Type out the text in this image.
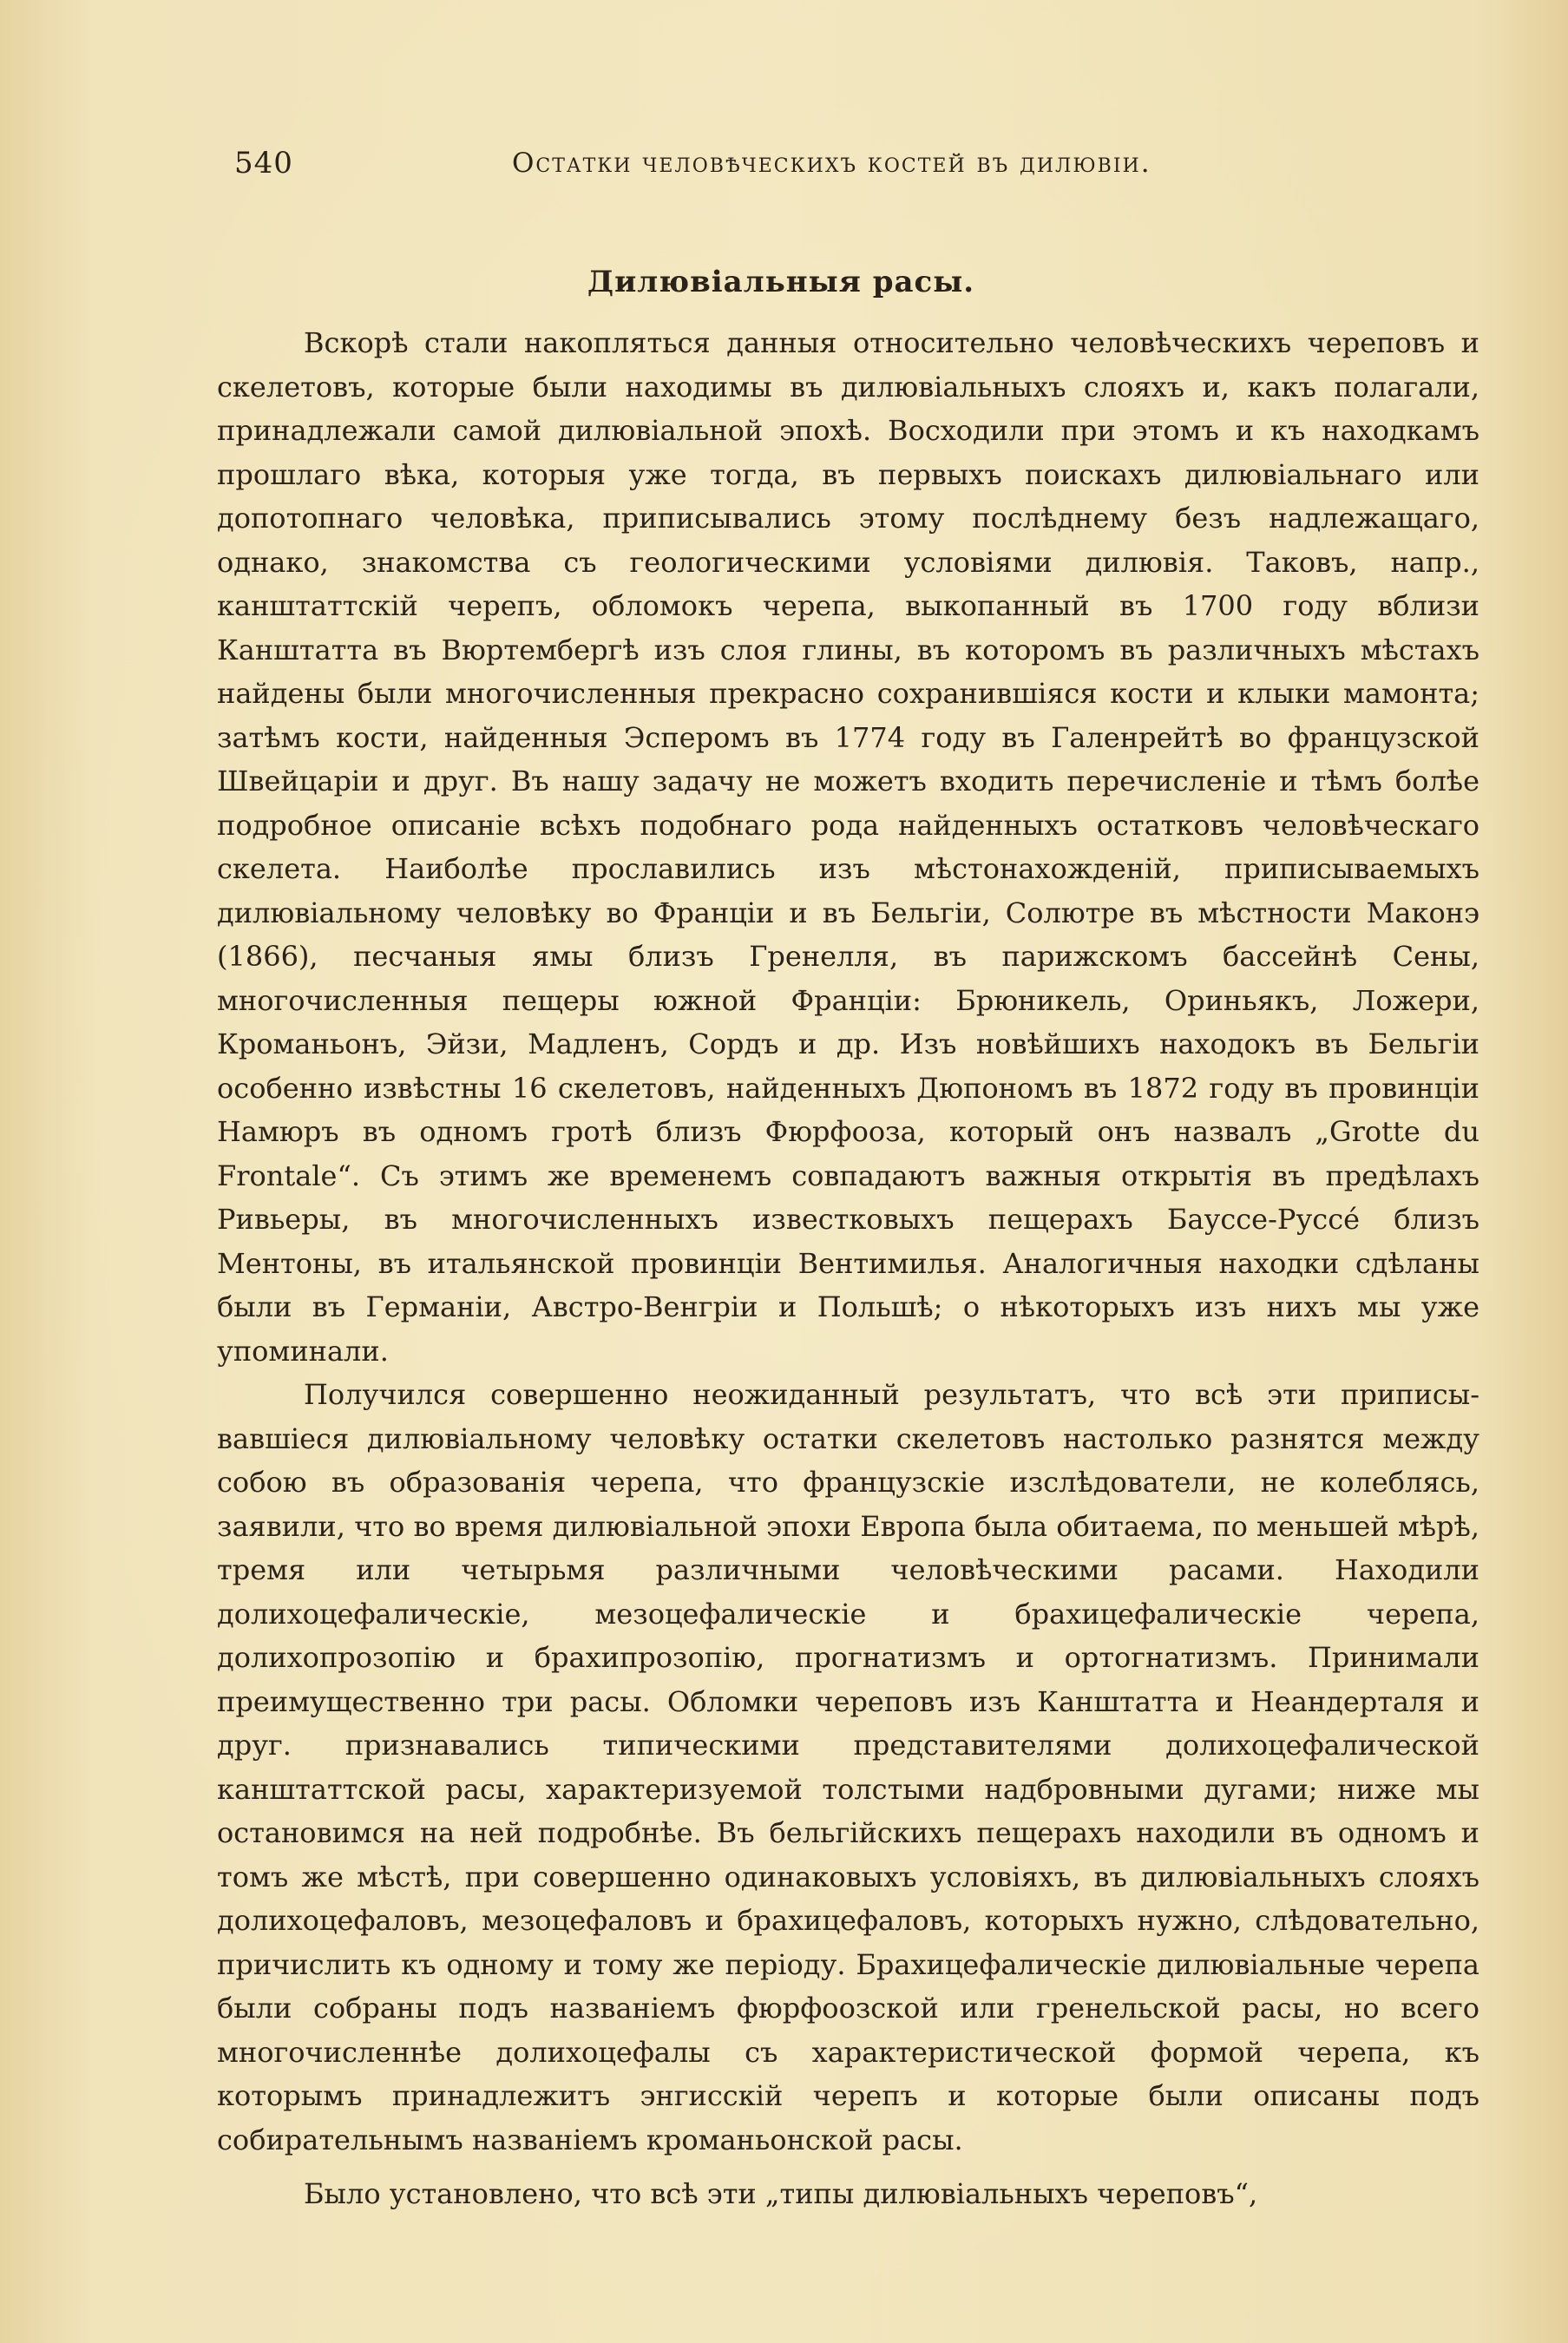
540	Остатки человѣческихъ костей въ дилювіи.
Дилювіальныя расы.

Вскорѣ стали накопляться данныя относительно человѣческихъ череповъ и скелетовъ, которые были находимы въ дилювіальныхъ слояхъ и, какъ полагали, принадлежали самой дилювіальной эпохѣ. Восходили при этомъ и къ находкамъ прошлаго вѣка, которыя уже тогда, въ первыхъ поискахъ дилювіальнаго или допотопнаго человѣка, приписывались этому послѣднему безъ надлежащаго, однако, знакомства съ геологическими условіями дилювія. Таковъ, напр., канштаттскій черепъ, обломокъ черепа, выкопанный въ 1700 году вблизи Канштатта въ Вюртембергѣ изъ слоя глины, въ которомъ въ различныхъ мѣстахъ найдены были многочисленныя прекрасно сохранившіяся кости и клыки мамонта; затѣмъ кости, найденныя Эсперомъ въ 1774 году въ Галенрейтѣ во французской Швейцаріи и друг. Въ нашу задачу не можетъ входить перечисленіе и тѣмъ болѣе подробное описаніе всѣхъ подобнаго рода найденныхъ остатковъ человѣческаго скелета. Наиболѣе прославились изъ мѣстонахожденій, приписываемыхъ дилювіальному человѣку во Франціи и въ Бельгіи, Солютре въ мѣстности Маконэ (1866), песчаныя ямы близъ Гренелля, въ парижскомъ бассейнѣ Сены, многочисленныя пещеры южной Франціи: Брюникель, Ориньякъ, Ложери, Кроманьонъ, Эйзи, Мадленъ, Сордъ и др. Изъ новѣйшихъ находокъ въ Бельгіи особенно извѣстны 16 скелетовъ, найденныхъ Дюпономъ въ 1872 году въ провинціи Намюръ въ одномъ гротѣ близъ Фюрфооза, который онъ назвалъ „Grotte du Frontale“. Съ этимъ же временемъ совпадаютъ важныя открытія въ предѣлахъ Ривьеры, въ многочисленныхъ известковыхъ пещерахъ Бауссе-Руссé близъ Ментоны, въ итальянской провинціи Вентимилья. Аналогичныя находки сдѣланы были въ Германіи, Австро-Венгріи и Польшѣ; о нѣкоторыхъ изъ нихъ мы уже упоминали.

Получился совершенно неожиданный результатъ, что всѣ эти приписывавшіеся дилювіальному человѣку остатки скелетовъ настолько разнятся между собою въ образованія черепа, что французскіе изслѣдователи, не колеблясь, заявили, что во время дилювіальной эпохи Европа была обитаема, по меньшей мѣрѣ, тремя или четырьмя различными человѣческими расами. Находили долихоцефалическіе, мезоцефалическіе и брахицефалическіе черепа, долихопрозопію и брахипрозопію, прогнатизмъ и ортогнатизмъ. Принимали преимущественно три расы. Обломки череповъ изъ Канштатта и Неандерталя и друг. признавались типическими представителями долихоцефалической канштаттской расы, характеризуемой толстыми надбровными дугами; ниже мы остановимся на ней подробнѣе. Въ бельгійскихъ пещерахъ находили въ одномъ и томъ же мѣстѣ, при совершенно одинаковыхъ условіяхъ, въ дилювіальныхъ слояхъ долихоцефаловъ, мезоцефаловъ и брахицефаловъ, которыхъ нужно, слѣдовательно, причислить къ одному и тому же періоду. Брахицефалическіе дилювіальные черепа были собраны подъ названіемъ фюрфоозской или гренельской расы, но всего многочисленнѣе долихоцефалы съ характеристической формой черепа, къ которымъ принадлежитъ энгисскій черепъ и которые были описаны подъ собирательнымъ названіемъ кроманьонской расы.

Было установлено, что всѣ эти „типы дилювіальныхъ череповъ“,
